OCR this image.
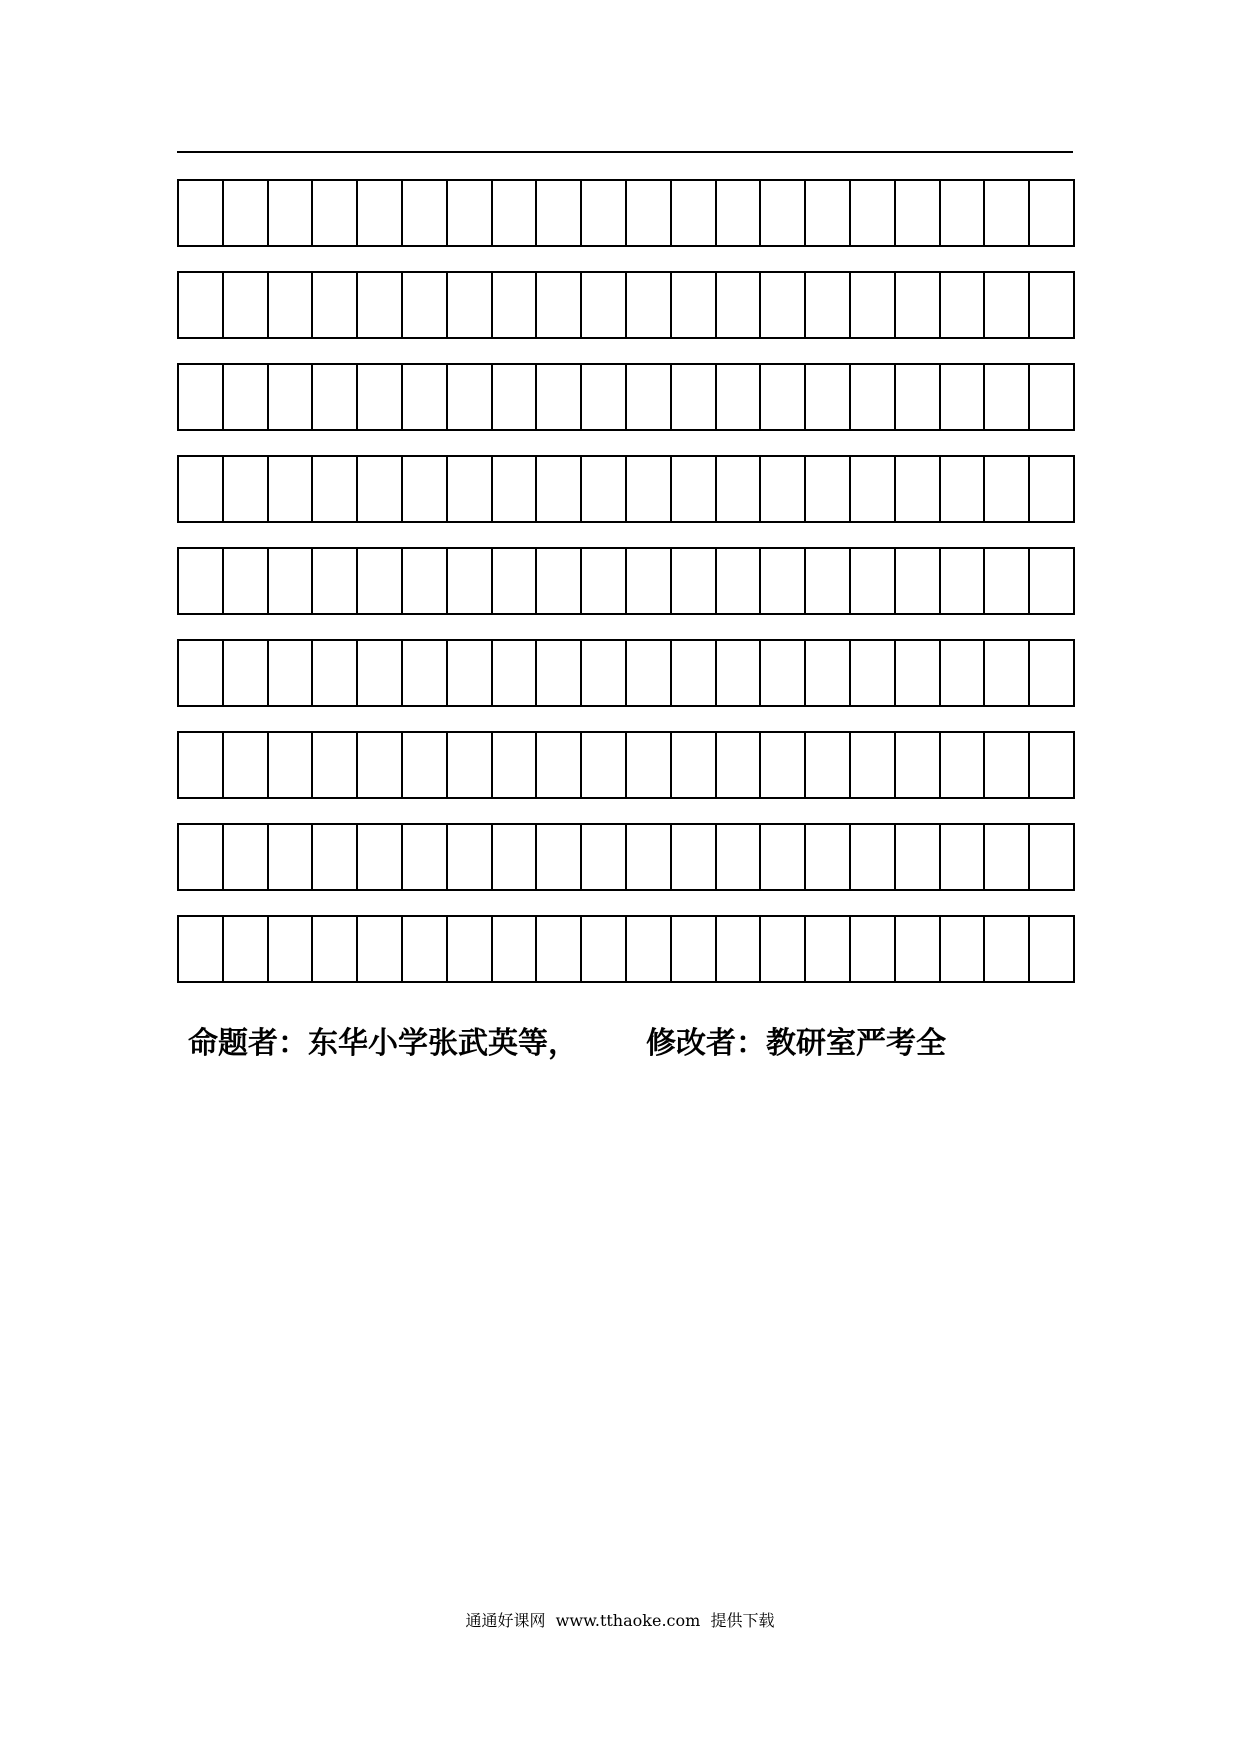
命题者：东华小学张武英等， 修改者：教研室严考全
通通好课网  www.tthaoke.com  提供下载
